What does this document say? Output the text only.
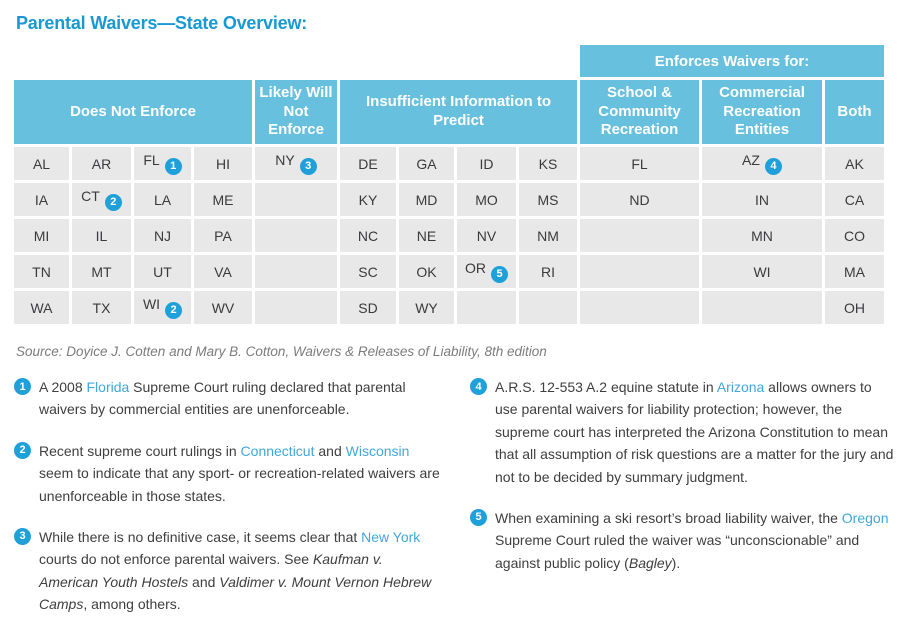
Parental Waivers—State Overview:
									Enforces Waivers for:		
Does Not Enforce				Likely Will Not Enforce	Insufficient Information to Predict				School & Community Recreation	Commercial Recreation Entities	Both
AL	AR	FL 1	HI	NY 3	DE	GA	ID	KS	FL	AZ 4	AK
IA	CT 2	LA	ME		KY	MD	MO	MS	ND	IN	CA
MI	IL	NJ	PA		NC	NE	NV	NM		MN	CO
TN	MT	UT	VA		SC	OK	OR 5	RI		WI	MA
WA	TX	WI 2	WV		SD	WY					OH
Source: Doyice J. Cotten and Mary B. Cotton, Waivers & Releases of Liability, 8th edition
1 A 2008 Florida Supreme Court ruling declared that parental waivers by commercial entities are unenforceable.

2 Recent supreme court rulings in Connecticut and Wisconsin seem to indicate that any sport- or recreation-related waivers are unenforceable in those states.

3 While there is no definitive case, it seems clear that New York courts do not enforce parental waivers. See Kaufman v. American Youth Hostels and Valdimer v. Mount Vernon Hebrew Camps, among others.

4 A.R.S. 12-553 A.2 equine statute in Arizona allows owners to use parental waivers for liability protection; however, the supreme court has interpreted the Arizona Constitution to mean that all assumption of risk questions are a matter for the jury and not to be decided by summary judgment.

5 When examining a ski resort’s broad liability waiver, the Oregon Supreme Court ruled the waiver was “unconscionable” and against public policy (Bagley).
